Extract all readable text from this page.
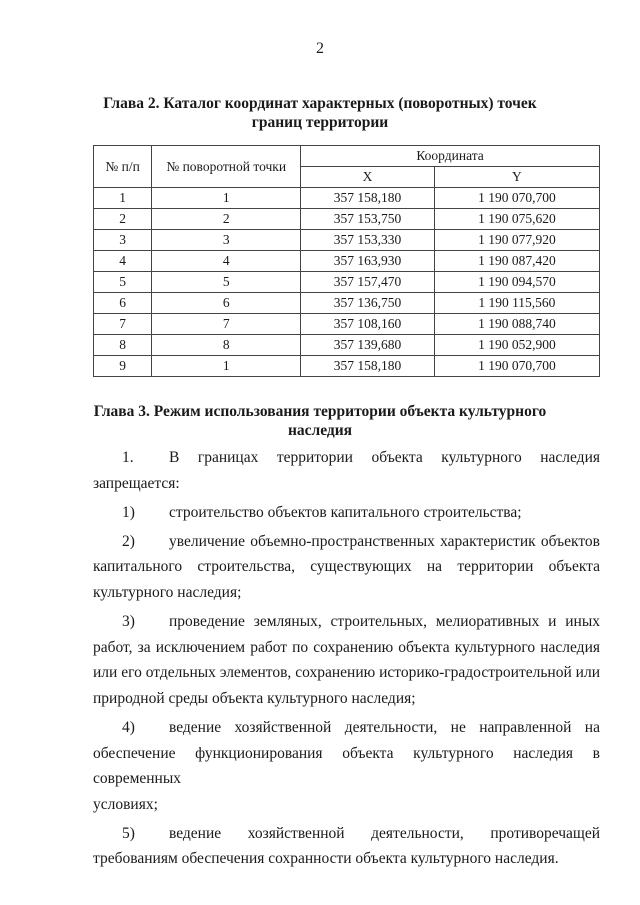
2
Глава 2. Каталог координат характерных (поворотных) точек
границ территории
№ п/п	№ поворотной точки	Координата	
		X	Y
1	1	357 158,180	1 190 070,700
2	2	357 153,750	1 190 075,620
3	3	357 153,330	1 190 077,920
4	4	357 163,930	1 190 087,420
5	5	357 157,470	1 190 094,570
6	6	357 136,750	1 190 115,560
7	7	357 108,160	1 190 088,740
8	8	357 139,680	1 190 052,900
9	1	357 158,180	1 190 070,700
Глава 3. Режим использования территории объекта культурного
наследия
1.	В границах территории объекта культурного наследия
запрещается:
1) строительство объектов капитального строительства;
2)	увеличение объемно-пространственных характеристик объектов
капитального строительства, существующих на территории объекта
культурного наследия;
3)	проведение земляных, строительных, мелиоративных и иных
работ, за исключением работ по сохранению объекта культурного наследия
или его отдельных элементов, сохранению историко-градостроительной или
природной среды объекта культурного наследия;
4)	ведение хозяйственной деятельности, не направленной на
обеспечение функционирования объекта культурного наследия в современных
условиях;
5)	ведение хозяйственной деятельности, противоречащей
требованиям обеспечения сохранности объекта культурного наследия.
